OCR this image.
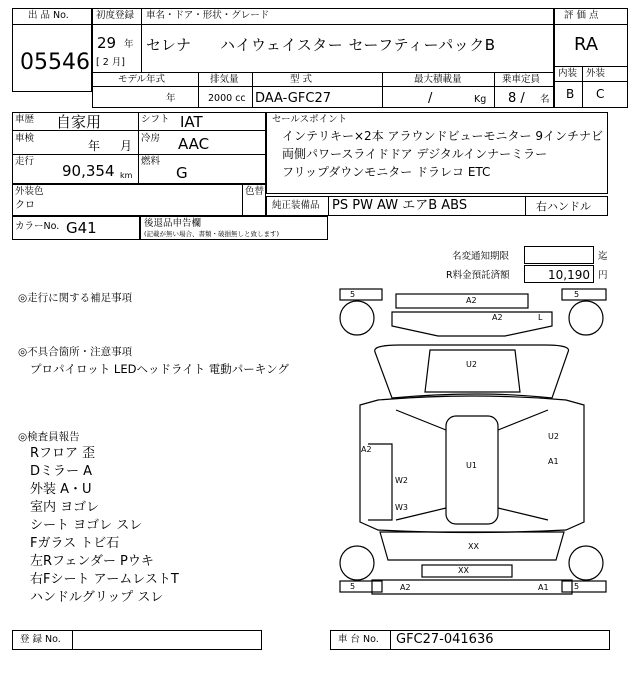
出 品 No.
05546
初度登録
29 年
[ 2 月]
車名・ドア・形状・グレード
セレナ ハイウェイスター セーフティーパックB
モデル年式
年
排気量
2000 cc
型 式
DAA-GFC27
最大積載量
/	Kg
乗車定員
8 / 名
評 価 点
RA
内装 外装
B C
車歴 自家用
車検
年 月
走行
90,354 km
シフト IAT
冷房 AAC
燃料
G
外装色
クロ
色替
カラーNo. G41	後退品申告欄
(記載が無い場合、書類・破損無しと致します)
セールスポイント
インテリキー×2本 アラウンドビューモニター 9インチナビ
両側パワースライドドア デジタルインナーミラー
フリップダウンモニター ドラレコ ETC
純正装備品 PS PW AW エアB ABS	右ハンドル
名変通知期限	迄
R料金預託済額	10,190 円
◎走行に関する補足事項
◎不具合箇所・注意事項
プロパイロット LEDヘッドライト 電動パーキング
◎検査員報告
Rフロア 歪
Dミラー A
外装 A・U
室内 ヨゴレ
シート ヨゴレ スレ
Fガラス トビ石
左Rフェンダー Pウキ
右Fシート アームレストT
ハンドルグリップ スレ
5	5
5	5
A2
A2	L
U2
A2
U1
U2
A1
W2
W3
XX
XX
A2	A1
登 録 No.	車 台 No. GFC27-041636
